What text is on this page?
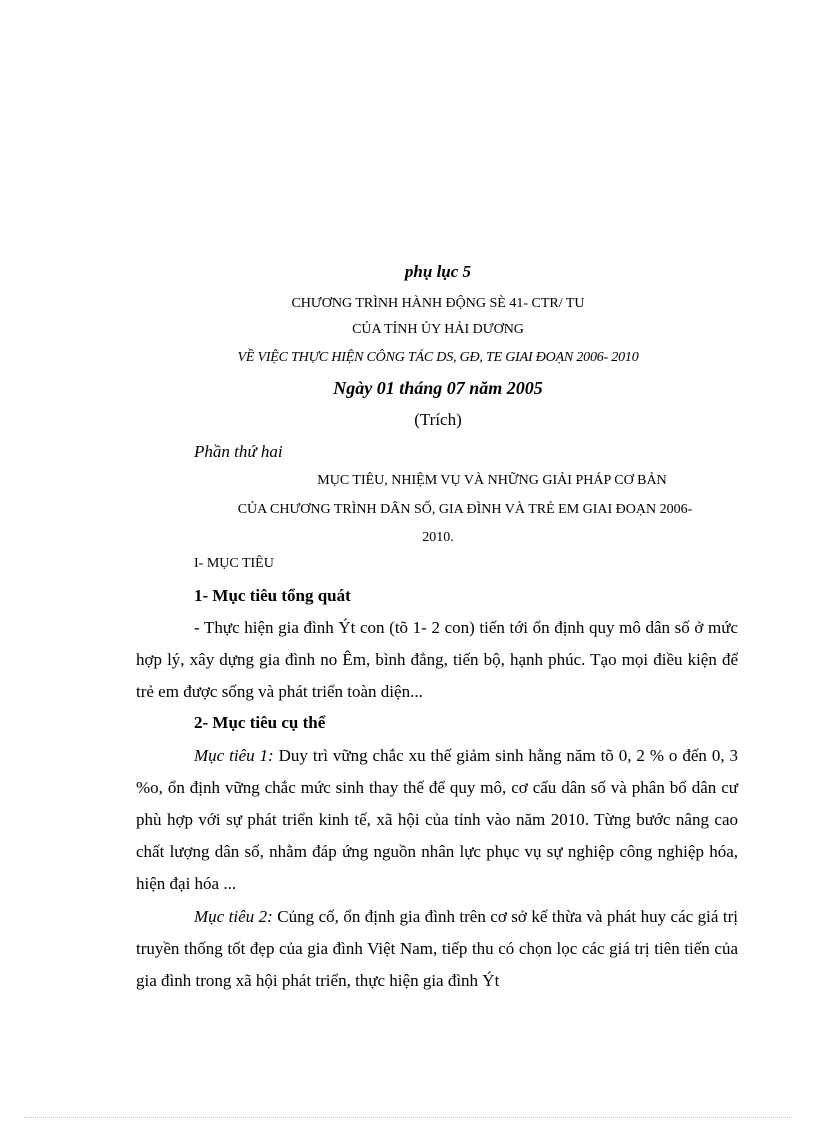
phụ lục 5
CHƯƠNG TRÌNH HÀNH ĐỘNG SÈ 41- CTR/ TU
CỦA TỈNH ỦY HẢI DƯƠNG
VỀ VIỆC THỰC HIỆN CÔNG TÁC DS, GĐ, TE GIAI ĐOẠN 2006- 2010
Ngày 01 tháng 07 năm 2005
(Trích)
Phần thứ hai
MỤC TIÊU, NHIỆM VỤ VÀ NHỮNG GIẢI PHÁP CƠ BẢN
CỦA CHƯƠNG TRÌNH DÂN SỐ, GIA ĐÌNH VÀ TRẺ EM GIAI ĐOẠN 2006-
2010.
I- MỤC TIÊU
1- Mục tiêu tổng quát

- Thực hiện gia đình Ýt con (tõ 1- 2 con) tiến tới ổn định quy mô dân số ở mức hợp lý, xây dựng gia đình no Êm, bình đẳng, tiến bộ, hạnh phúc. Tạo mọi điều kiện để trẻ em được sống và phát triển toàn diện...

2- Mục tiêu cụ thể

Mục tiêu 1: Duy trì vững chắc xu thế giảm sinh hằng năm tõ 0, 2 % o đến 0, 3 %o, ổn định vững chắc mức sinh thay thế để quy mô, cơ cấu dân số và phân bổ dân cư phù hợp với sự phát triển kinh tế, xã hội của tỉnh vào năm 2010. Từng bước nâng cao chất lượng dân số, nhằm đáp ứng nguồn nhân lực phục vụ sự nghiệp công nghiệp hóa, hiện đại hóa ...

Mục tiêu 2: Củng cố, ổn định gia đình trên cơ sở kế thừa và phát huy các giá trị truyền thống tốt đẹp của gia đình Việt Nam, tiếp thu có chọn lọc các giá trị tiên tiến của gia đình trong xã hội phát triển, thực hiện gia đình Ýt
